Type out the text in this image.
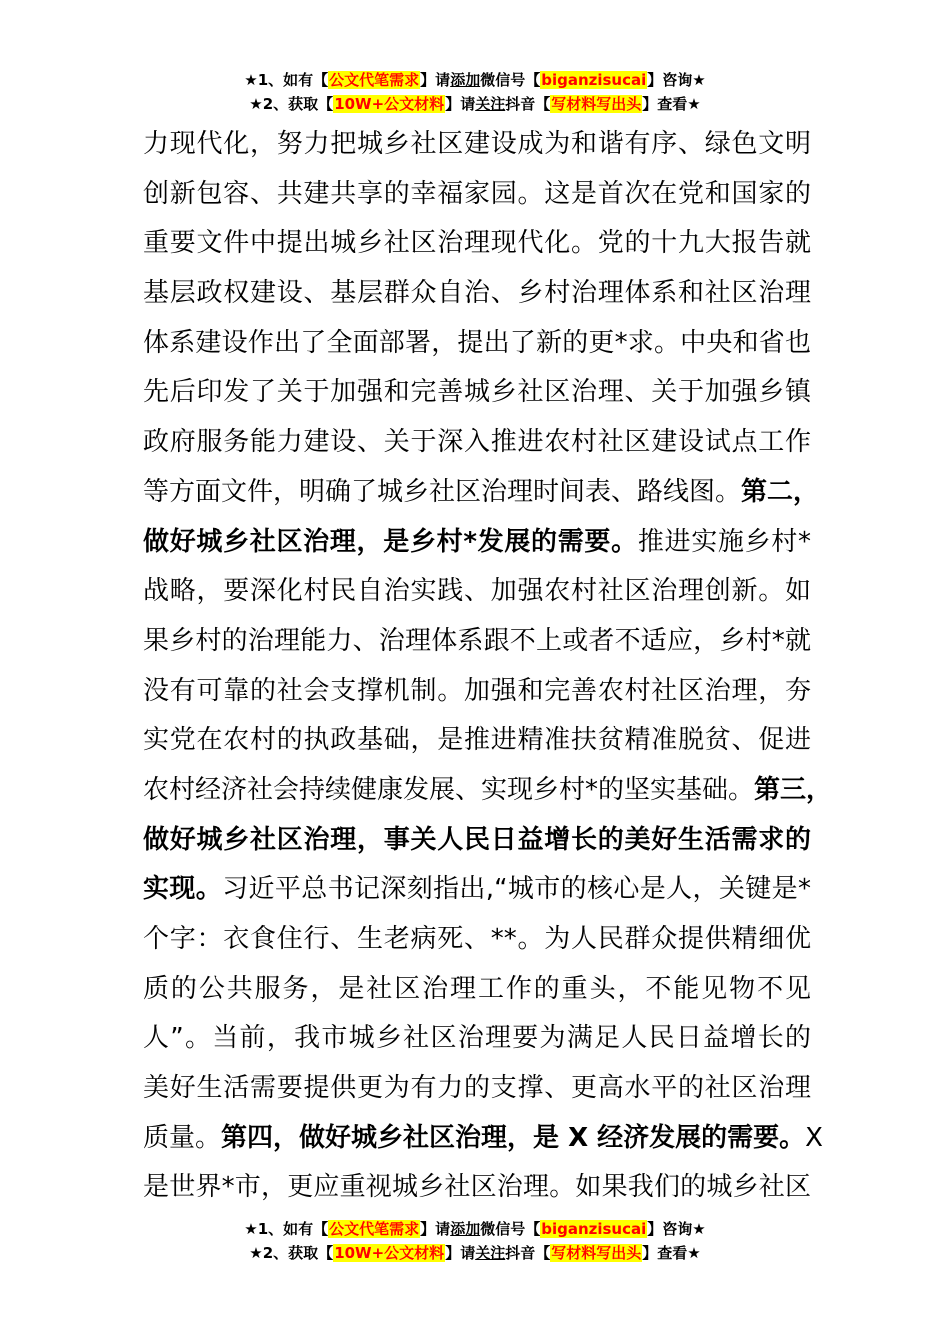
★1、如有【公文代笔需求】请添加微信号【biganzisucai】咨询★
★2、获取【10W+公文材料】请关注抖音【写材料写出头】查看★
力现代化，努力把城乡社区建设成为和谐有序、绿色文明
创新包容、共建共享的幸福家园。这是首次在党和国家的
重要文件中提出城乡社区治理现代化。党的十九大报告就
基层政权建设、基层群众自治、乡村治理体系和社区治理
体系建设作出了全面部署，提出了新的更*求。中央和省也
先后印发了关于加强和完善城乡社区治理、关于加强乡镇
政府服务能力建设、关于深入推进农村社区建设试点工作
等方面文件，明确了城乡社区治理时间表、路线图。第二，
做好城乡社区治理，是乡村*发展的需要。推进实施乡村*
战略，要深化村民自治实践、加强农村社区治理创新。如
果乡村的治理能力、治理体系跟不上或者不适应，乡村*就
没有可靠的社会支撑机制。加强和完善农村社区治理，夯
实党在农村的执政基础，是推进精准扶贫精准脱贫、促进
农村经济社会持续健康发展、实现乡村*的坚实基础。第三，
做好城乡社区治理，事关人民日益增长的美好生活需求的
实现。习近平总书记深刻指出,“城市的核心是人，关键是*
个字：衣食住行、生老病死、**。为人民群众提供精细优
质的公共服务，是社区治理工作的重头，不能见物不见
人”。当前，我市城乡社区治理要为满足人民日益增长的
美好生活需要提供更为有力的支撑、更高水平的社区治理
质量。第四，做好城乡社区治理，是 X 经济发展的需要。X
是世界*市，更应重视城乡社区治理。如果我们的城乡社区
★1、如有【公文代笔需求】请添加微信号【biganzisucai】咨询★
★2、获取【10W+公文材料】请关注抖音【写材料写出头】查看★
